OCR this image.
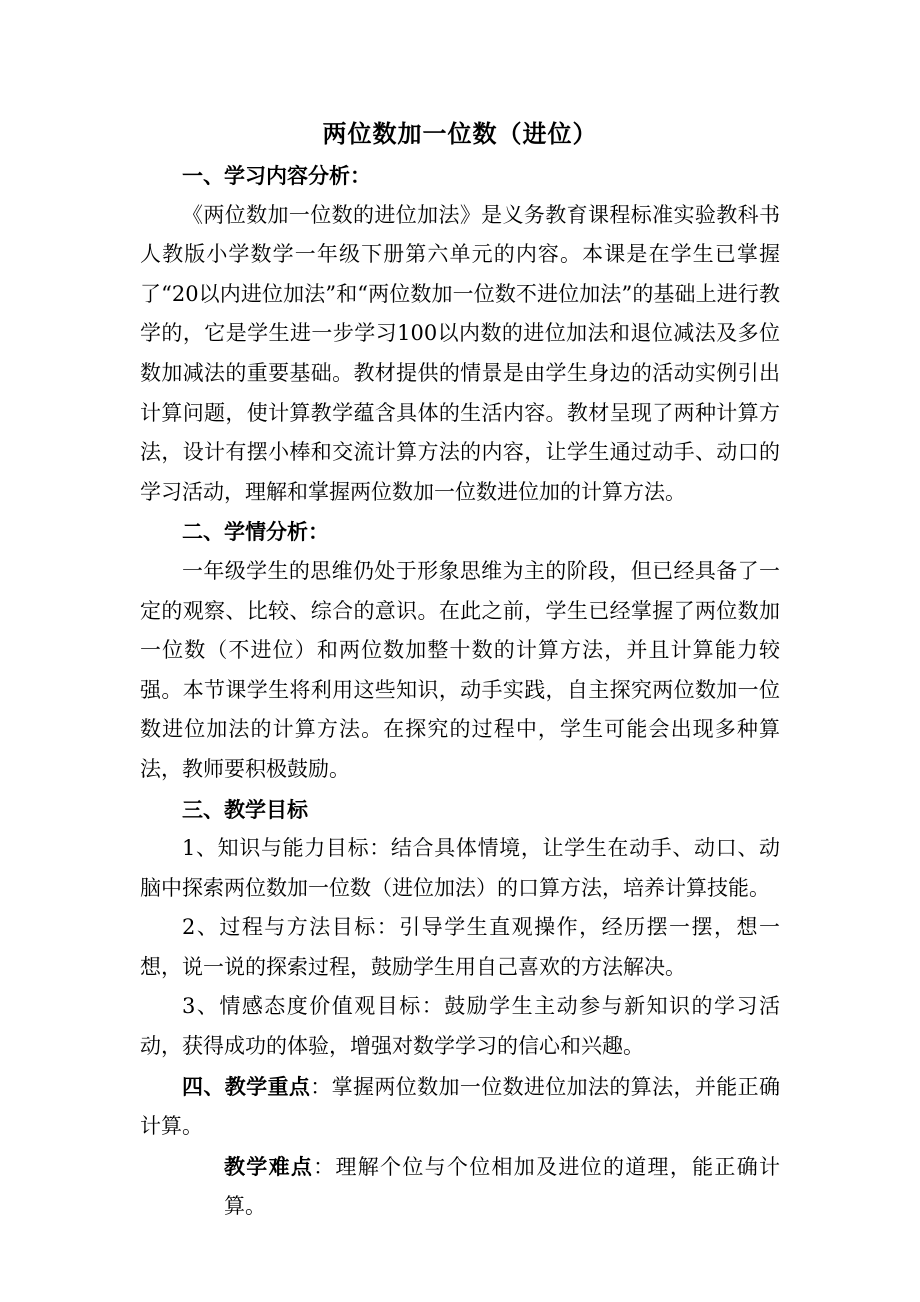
两位数加一位数（进位）

一、学习内容分析：

《两位数加一位数的进位加法》是义务教育课程标准实验教科书人教版小学数学一年级下册第六单元的内容。本课是在学生已掌握了“20以内进位加法”和“两位数加一位数不进位加法”的基础上进行教学的，它是学生进一步学习100以内数的进位加法和退位减法及多位数加减法的重要基础。教材提供的情景是由学生身边的活动实例引出计算问题，使计算教学蕴含具体的生活内容。教材呈现了两种计算方法，设计有摆小棒和交流计算方法的内容，让学生通过动手、动口的学习活动，理解和掌握两位数加一位数进位加的计算方法。

二、学情分析：

一年级学生的思维仍处于形象思维为主的阶段，但已经具备了一定的观察、比较、综合的意识。在此之前，学生已经掌握了两位数加一位数（不进位）和两位数加整十数的计算方法，并且计算能力较强。本节课学生将利用这些知识，动手实践，自主探究两位数加一位数进位加法的计算方法。在探究的过程中，学生可能会出现多种算法，教师要积极鼓励。

三、教学目标

1、知识与能力目标：结合具体情境，让学生在动手、动口、动脑中探索两位数加一位数（进位加法）的口算方法，培养计算技能。

2、过程与方法目标：引导学生直观操作，经历摆一摆，想一想，说一说的探索过程，鼓励学生用自己喜欢的方法解决。

3、情感态度价值观目标：鼓励学生主动参与新知识的学习活动，获得成功的体验，增强对数学学习的信心和兴趣。

四、教学重点：掌握两位数加一位数进位加法的算法，并能正确计算。

教学难点：理解个位与个位相加及进位的道理，能正确计算。
